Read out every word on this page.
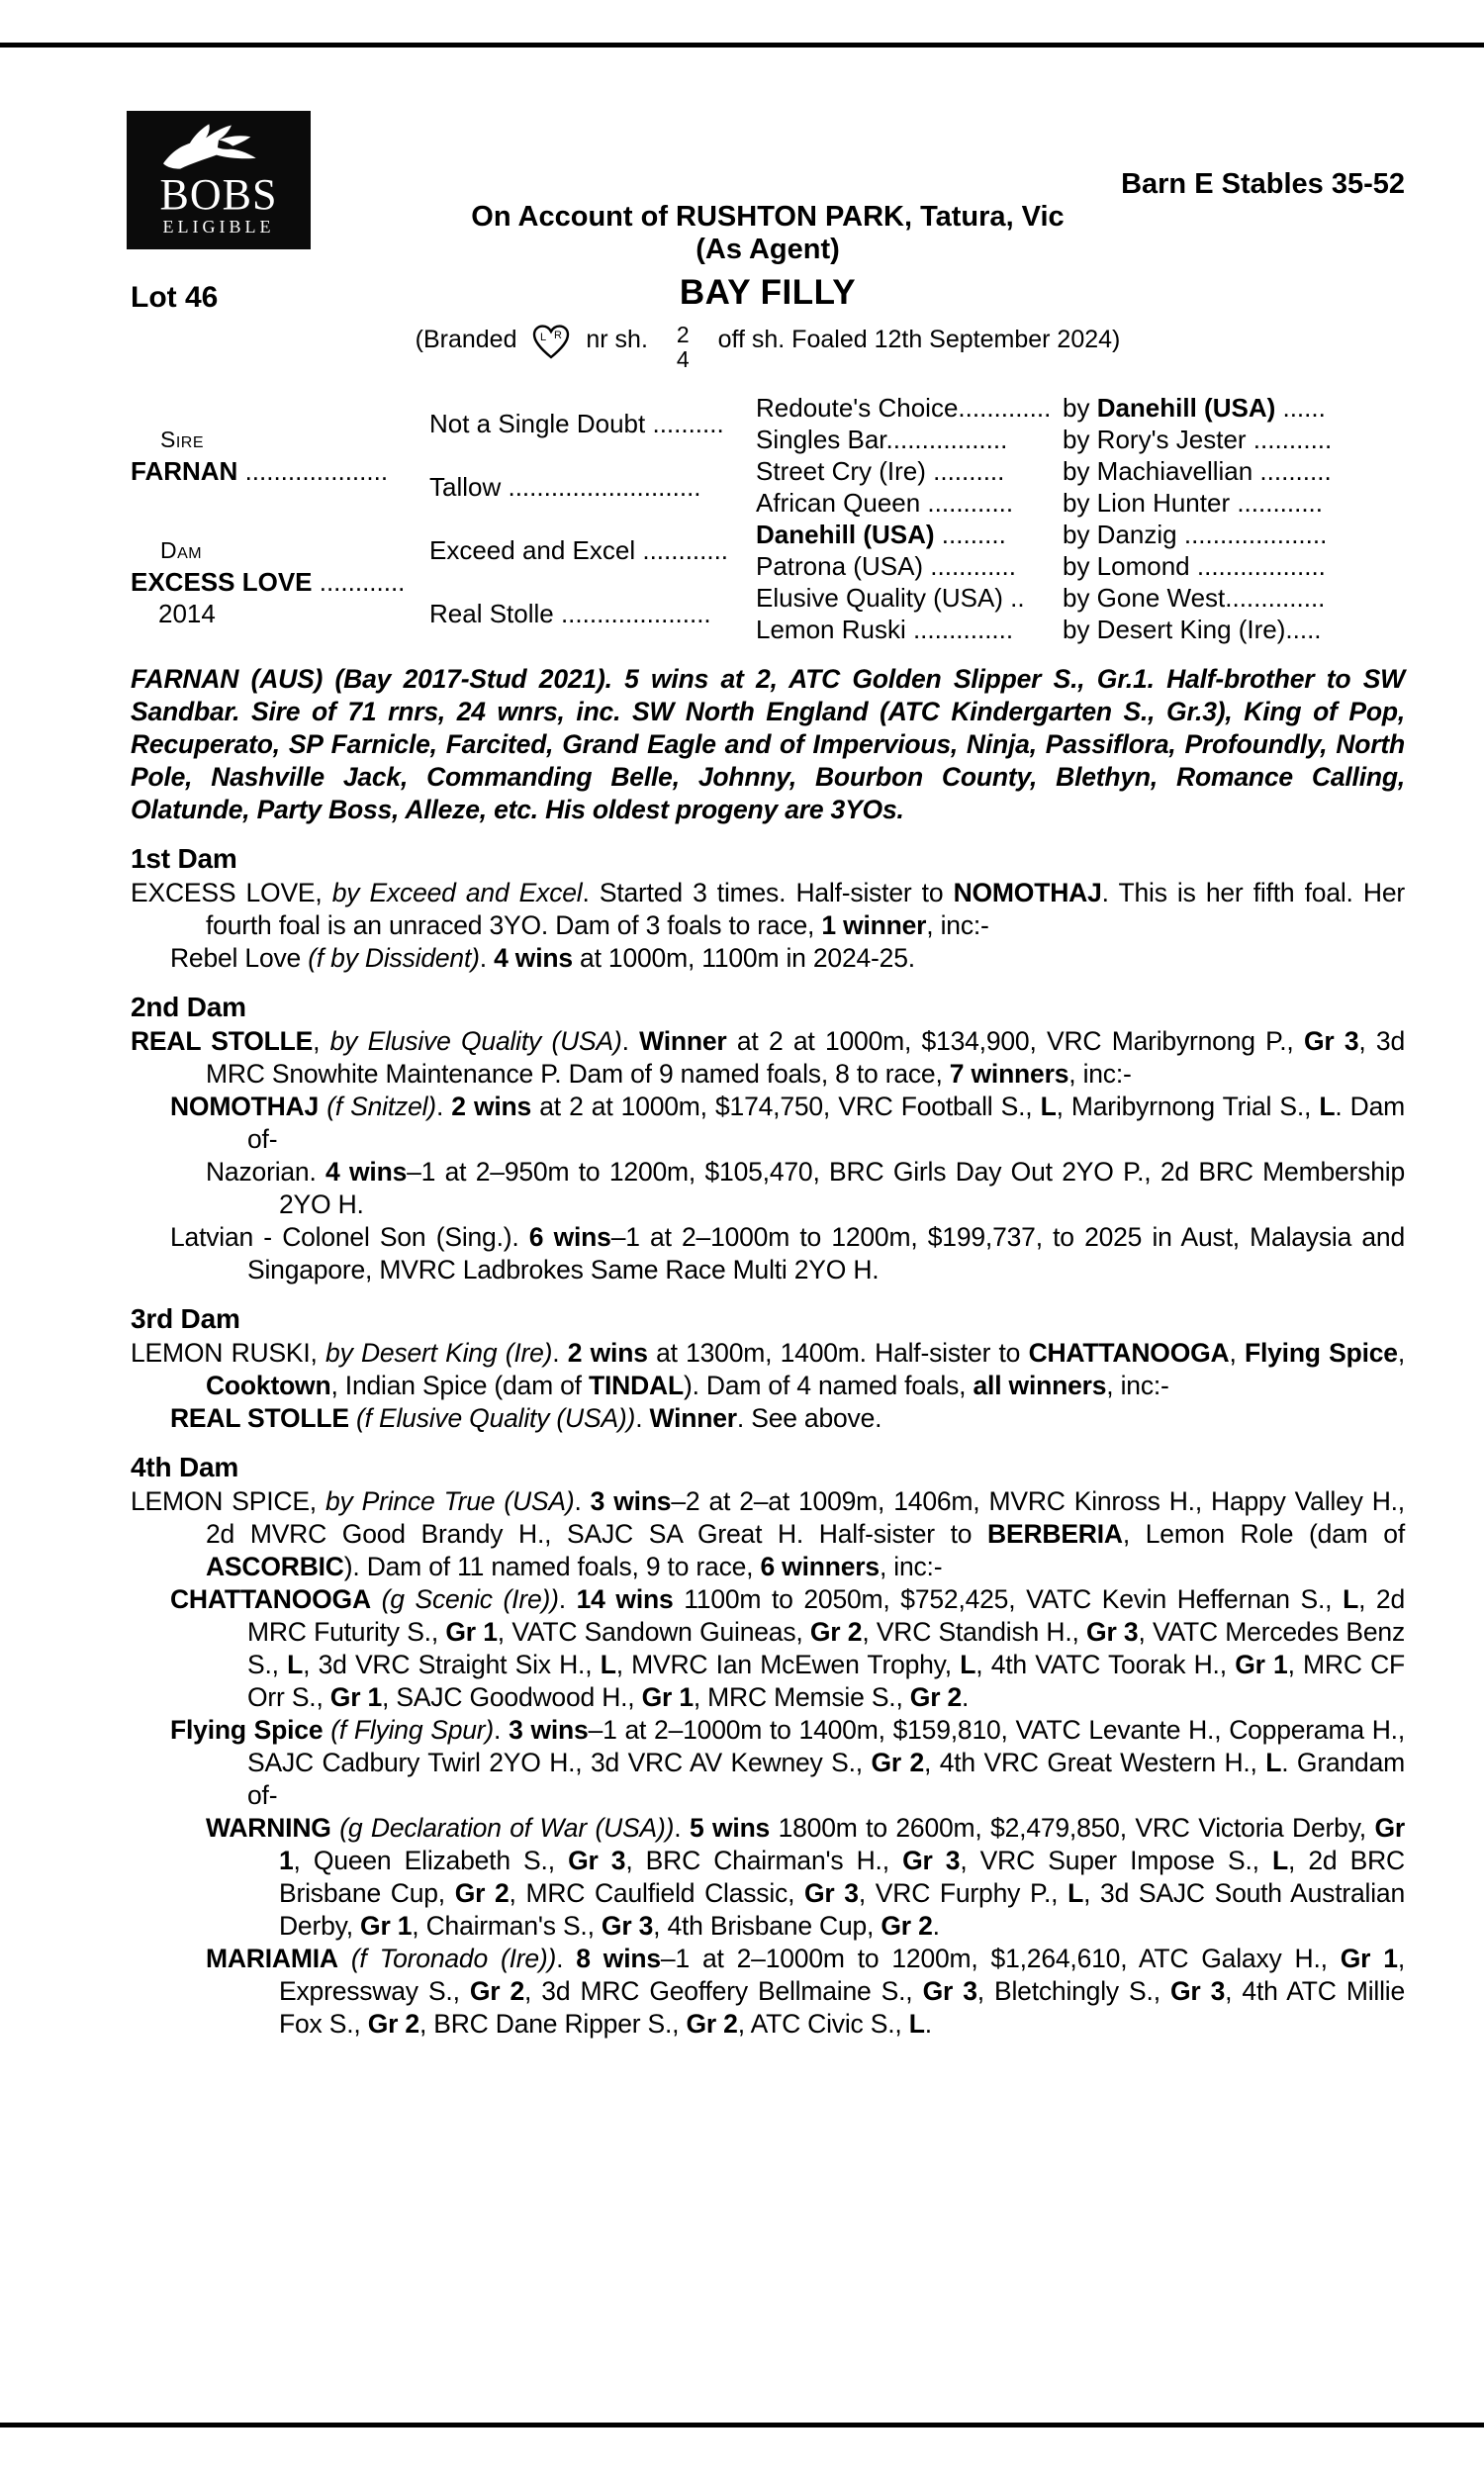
BOBS
ELIGIBLE
Barn E Stables 35-52
On Account of RUSHTON PARK, Tatura, Vic
(As Agent)
Lot 46	BAY FILLY
(Branded L ' R nr sh. 2
4
off sh. Foaled 12th September 2024)
Sire
FARNAN ....................
Dam
EXCESS LOVE ............
2014
Not a Single Doubt ..........
Tallow ...........................
Exceed and Excel ............
Real Stolle .....................
Redoute's Choice............. by Danehill (USA) ......
Singles Bar.................	by Rory's Jester ...........
Street Cry (Ire) ..........	by Machiavellian ..........
African Queen ............	by Lion Hunter ............
Danehill (USA) .........	by Danzig ....................
Patrona (USA) ............	by Lomond ..................
Elusive Quality (USA) ..	by Gone West..............
Lemon Ruski ..............	by Desert King (Ire).....

FARNAN (AUS) (Bay 2017-Stud 2021). 5 wins at 2, ATC Golden Slipper S., Gr.1. Half-brother to SW Sandbar. Sire of 71 rnrs, 24 wnrs, inc. SW North England (ATC Kindergarten S., Gr.3), King of Pop, Recuperato, SP Farnicle, Farcited, Grand Eagle and of Impervious, Ninja, Passiflora, Profoundly, North Pole, Nashville Jack, Commanding Belle, Johnny, Bourbon County, Blethyn, Romance Calling, Olatunde, Party Boss, Alleze, etc. His oldest progeny are 3YOs.

1st Dam

EXCESS LOVE, by Exceed and Excel. Started 3 times. Half-sister to NOMOTHAJ. This is her fifth foal. Her fourth foal is an unraced 3YO. Dam of 3 foals to race, 1 winner, inc:-

Rebel Love (f by Dissident). 4 wins at 1000m, 1100m in 2024-25.

2nd Dam

REAL STOLLE, by Elusive Quality (USA). Winner at 2 at 1000m, $134,900, VRC Maribyrnong P., Gr 3, 3d MRC Snowhite Maintenance P. Dam of 9 named foals, 8 to race, 7 winners, inc:-

NOMOTHAJ (f Snitzel). 2 wins at 2 at 1000m, $174,750, VRC Football S., L, Maribyrnong Trial S., L. Dam of-

Nazorian. 4 wins–1 at 2–950m to 1200m, $105,470, BRC Girls Day Out 2YO P., 2d BRC Membership 2YO H.

Latvian - Colonel Son (Sing.). 6 wins–1 at 2–1000m to 1200m, $199,737, to 2025 in Aust, Malaysia and Singapore, MVRC Ladbrokes Same Race Multi 2YO H.

3rd Dam

LEMON RUSKI, by Desert King (Ire). 2 wins at 1300m, 1400m. Half-sister to CHATTANOOGA, Flying Spice, Cooktown, Indian Spice (dam of TINDAL). Dam of 4 named foals, all winners, inc:-

REAL STOLLE (f Elusive Quality (USA)). Winner. See above.

4th Dam

LEMON SPICE, by Prince True (USA). 3 wins–2 at 2–at 1009m, 1406m, MVRC Kinross H., Happy Valley H., 2d MVRC Good Brandy H., SAJC SA Great H. Half-sister to BERBERIA, Lemon Role (dam of ASCORBIC). Dam of 11 named foals, 9 to race, 6 winners, inc:-

CHATTANOOGA (g Scenic (Ire)). 14 wins 1100m to 2050m, $752,425, VATC Kevin Heffernan S., L, 2d MRC Futurity S., Gr 1, VATC Sandown Guineas, Gr 2, VRC Standish H., Gr 3, VATC Mercedes Benz S., L, 3d VRC Straight Six H., L, MVRC Ian McEwen Trophy, L, 4th VATC Toorak H., Gr 1, MRC CF Orr S., Gr 1, SAJC Goodwood H., Gr 1, MRC Memsie S., Gr 2.

Flying Spice (f Flying Spur). 3 wins–1 at 2–1000m to 1400m, $159,810, VATC Levante H., Copperama H., SAJC Cadbury Twirl 2YO H., 3d VRC AV Kewney S., Gr 2, 4th VRC Great Western H., L. Grandam of-

WARNING (g Declaration of War (USA)). 5 wins 1800m to 2600m, $2,479,850, VRC Victoria Derby, Gr 1, Queen Elizabeth S., Gr 3, BRC Chairman's H., Gr 3, VRC Super Impose S., L, 2d BRC Brisbane Cup, Gr 2, MRC Caulfield Classic, Gr 3, VRC Furphy P., L, 3d SAJC South Australian Derby, Gr 1, Chairman's S., Gr 3, 4th Brisbane Cup, Gr 2.

MARIAMIA (f Toronado (Ire)). 8 wins–1 at 2–1000m to 1200m, $1,264,610, ATC Galaxy H., Gr 1, Expressway S., Gr 2, 3d MRC Geoffery Bellmaine S., Gr 3, Bletchingly S., Gr 3, 4th ATC Millie Fox S., Gr 2, BRC Dane Ripper S., Gr 2, ATC Civic S., L.
